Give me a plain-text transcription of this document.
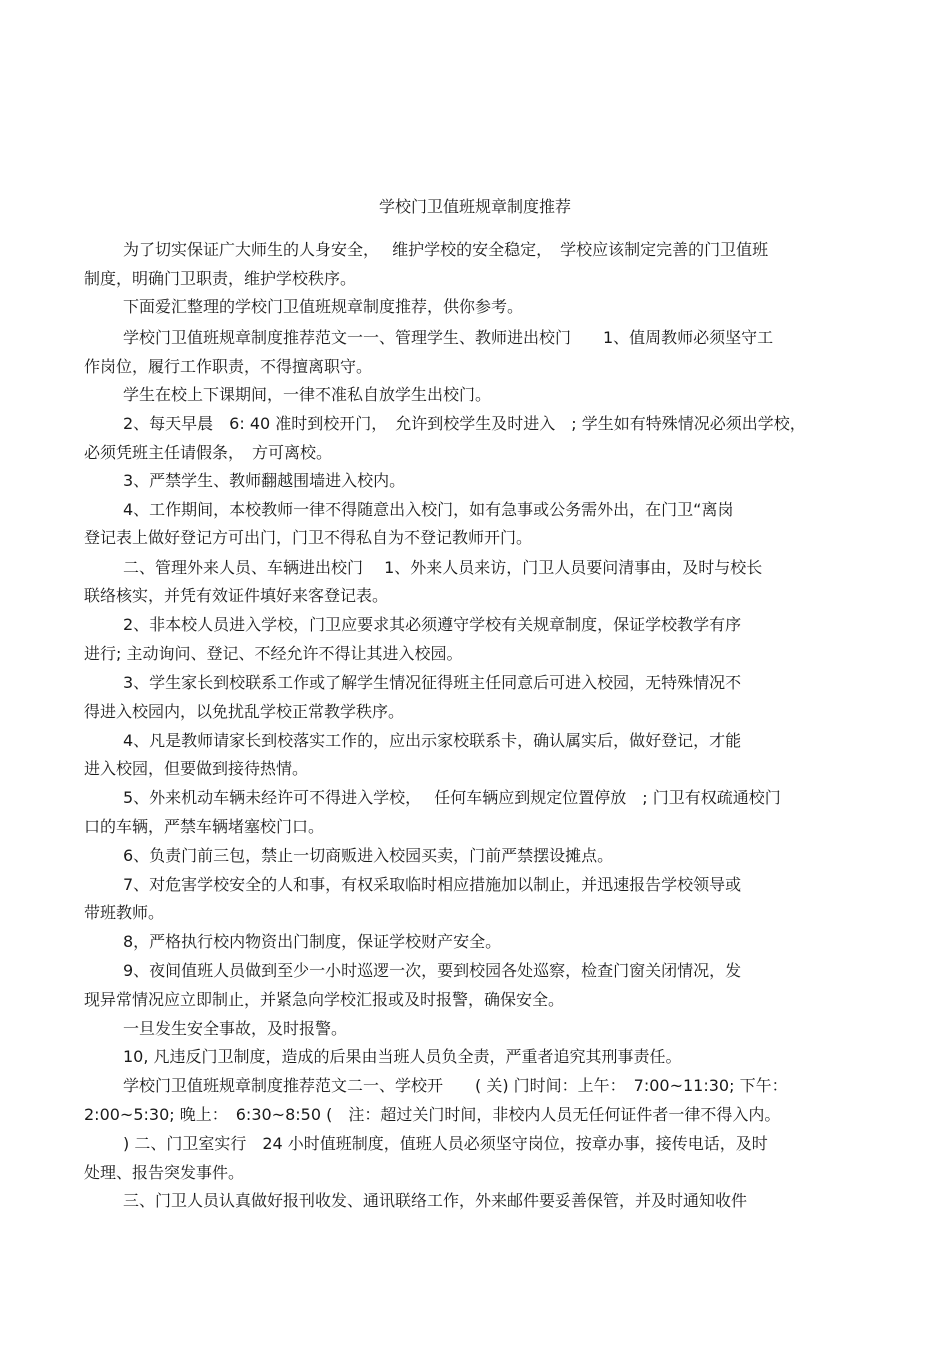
学校门卫值班规章制度推荐
为了切实保证广大师生的人身安全，　 维护学校的安全稳定，　学校应该制定完善的门卫值班
制度，明确门卫职责，维护学校秩序。
下面爱汇整理的学校门卫值班规章制度推荐，供你参考。
学校门卫值班规章制度推荐范文一一、管理学生、教师进出校门　　1、值周教师必须坚守工
作岗位，履行工作职责，不得擅离职守。
学生在校上下课期间，一律不准私自放学生出校门。
2、每天早晨　6: 40 准时到校开门，　允许到校学生及时进入　; 学生如有特殊情况必须出学校，
必须凭班主任请假条，　方可离校。
3、严禁学生、教师翻越围墙进入校内。
4、工作期间，本校教师一律不得随意出入校门，如有急事或公务需外出，在门卫“离岗
登记表上做好登记方可出门，门卫不得私自为不登记教师开门。
二、管理外来人员、车辆进出校门　 1、外来人员来访，门卫人员要问清事由，及时与校长
联络核实，并凭有效证件填好来客登记表。
2、非本校人员进入学校，门卫应要求其必须遵守学校有关规章制度，保证学校教学有序
进行; 主动询问、登记、不经允许不得让其进入校园。
3、学生家长到校联系工作或了解学生情况征得班主任同意后可进入校园，无特殊情况不
得进入校园内，以免扰乱学校正常教学秩序。
4、凡是教师请家长到校落实工作的，应出示家校联系卡，确认属实后，做好登记，才能
进入校园，但要做到接待热情。
5、外来机动车辆未经许可不得进入学校，　 任何车辆应到规定位置停放　; 门卫有权疏通校门
口的车辆，严禁车辆堵塞校门口。
6、负责门前三包，禁止一切商贩进入校园买卖，门前严禁摆设摊点。
7、对危害学校安全的人和事，有权采取临时相应措施加以制止，并迅速报告学校领导或
带班教师。
8，严格执行校内物资出门制度，保证学校财产安全。
9、夜间值班人员做到至少一小时巡逻一次，要到校园各处巡察，检查门窗关闭情况，发
现异常情况应立即制止，并紧急向学校汇报或及时报警，确保安全。
一旦发生安全事故，及时报警。
10, 凡违反门卫制度，造成的后果由当班人员负全责，严重者追究其刑事责任。
学校门卫值班规章制度推荐范文二一、学校开　　( 关) 门时间：上午：　7:00~11:30; 下午：
2:00~5:30; 晚上：　6:30~8:50 (　注：超过关门时间，非校内人员无任何证件者一律不得入内。
) 二、门卫室实行　24 小时值班制度，值班人员必须坚守岗位，按章办事，接传电话，及时
处理、报告突发事件。
三、门卫人员认真做好报刊收发、通讯联络工作，外来邮件要妥善保管，并及时通知收件
